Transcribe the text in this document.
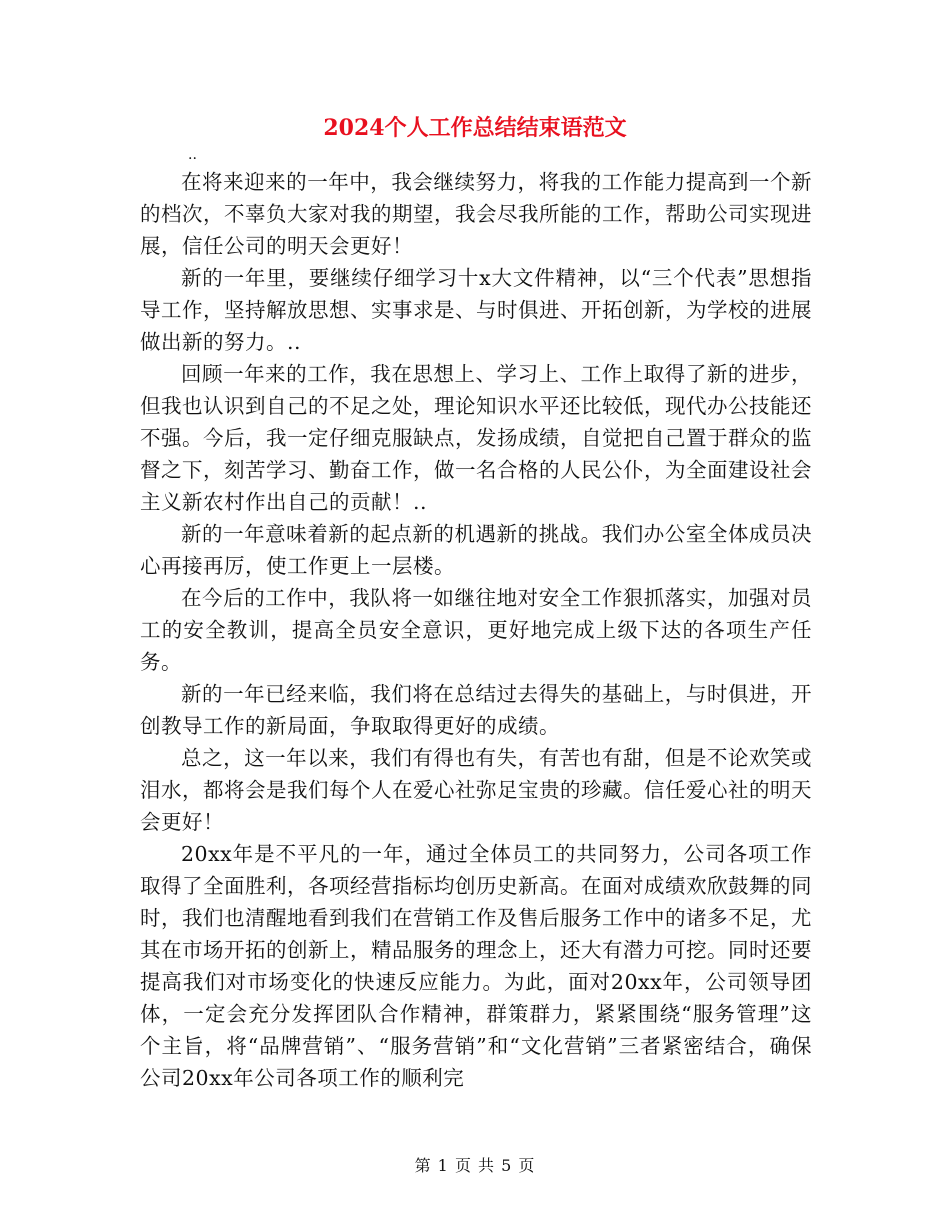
2024个人工作总结结束语范文
..

在将来迎来的一年中，我会继续努力，将我的工作能力提高到一个新的档次，不辜负大家对我的期望，我会尽我所能的工作，帮助公司实现进展，信任公司的明天会更好！

新的一年里，要继续仔细学习十x大文件精神，以“三个代表”思想指导工作，坚持解放思想、实事求是、与时俱进、开拓创新，为学校的进展做出新的努力。..

回顾一年来的工作，我在思想上、学习上、工作上取得了新的进步，但我也认识到自己的不足之处，理论知识水平还比较低，现代办公技能还不强。今后，我一定仔细克服缺点，发扬成绩，自觉把自己置于群众的监督之下，刻苦学习、勤奋工作，做一名合格的人民公仆，为全面建设社会主义新农村作出自己的贡献！..

新的一年意味着新的起点新的机遇新的挑战。我们办公室全体成员决心再接再厉，使工作更上一层楼。

在今后的工作中，我队将一如继往地对安全工作狠抓落实，加强对员工的安全教训，提高全员安全意识，更好地完成上级下达的各项生产任务。

新的一年已经来临，我们将在总结过去得失的基础上，与时俱进，开创教导工作的新局面，争取取得更好的成绩。

总之，这一年以来，我们有得也有失，有苦也有甜，但是不论欢笑或泪水，都将会是我们每个人在爱心社弥足宝贵的珍藏。信任爱心社的明天会更好！

20xx年是不平凡的一年，通过全体员工的共同努力，公司各项工作取得了全面胜利，各项经营指标均创历史新高。在面对成绩欢欣鼓舞的同时，我们也清醒地看到我们在营销工作及售后服务工作中的诸多不足，尤其在市场开拓的创新上，精品服务的理念上，还大有潜力可挖。同时还要提高我们对市场变化的快速反应能力。为此，面对20xx年，公司领导团体，一定会充分发挥团队合作精神，群策群力，紧紧围绕“服务管理”这个主旨，将“品牌营销”、“服务营销”和“文化营销”三者紧密结合，确保公司20xx年公司各项工作的顺利完

第 1 页 共 5 页
